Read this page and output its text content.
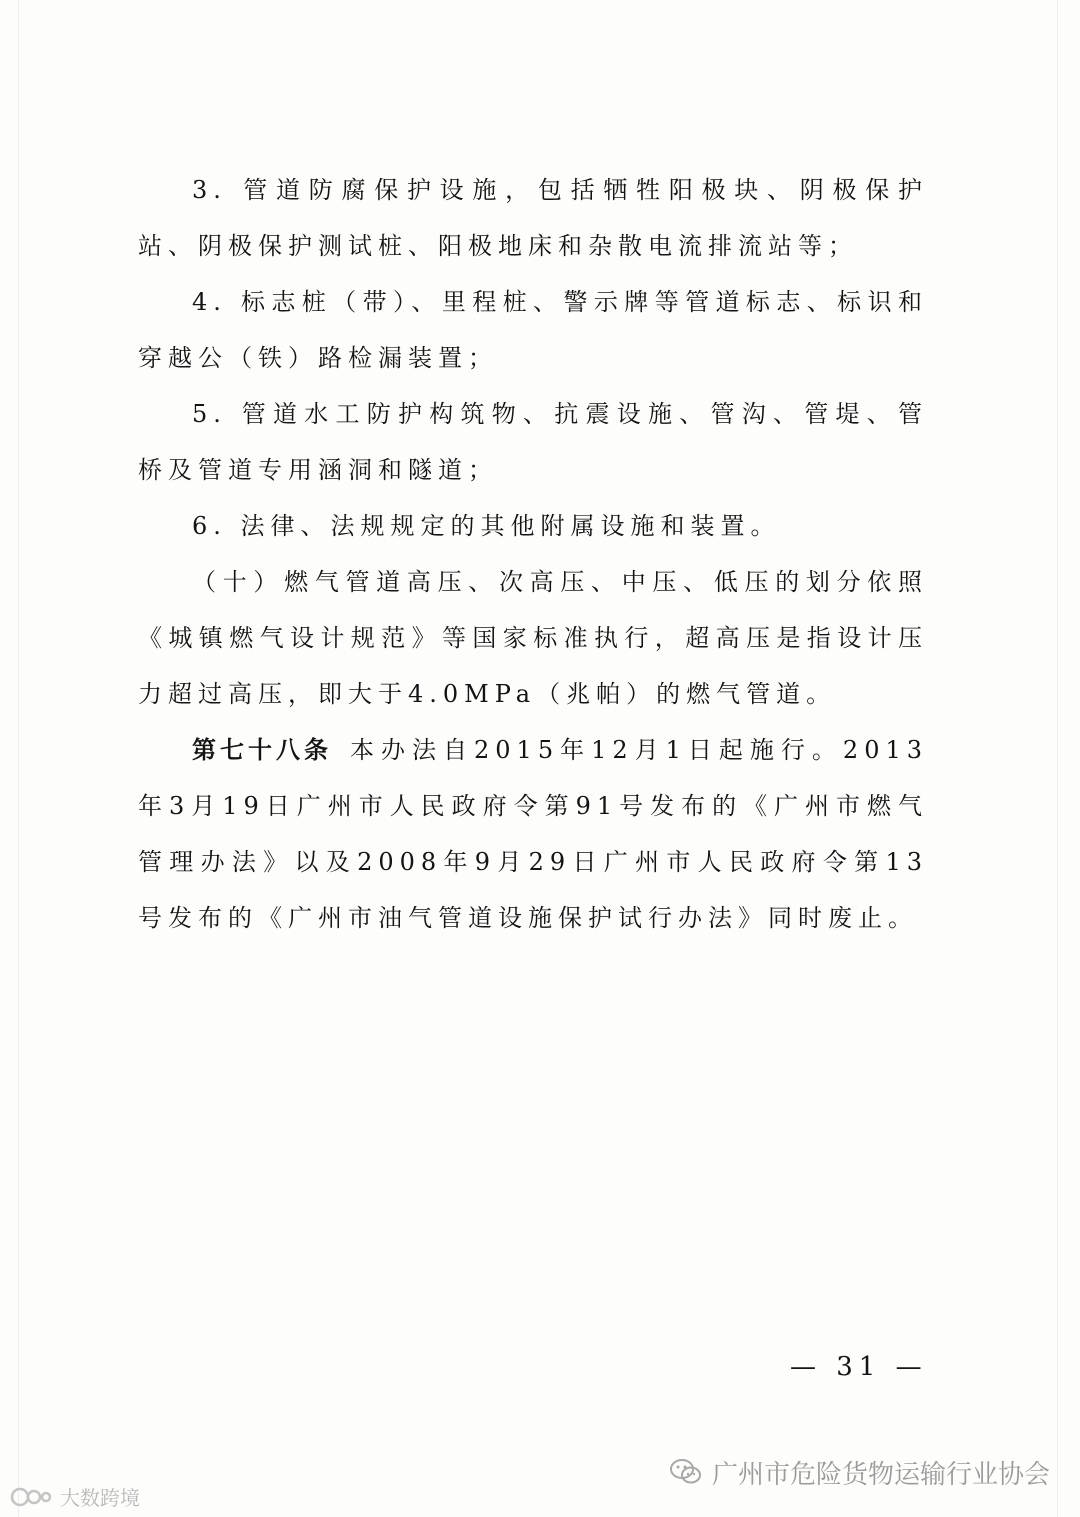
3. 管道防腐保护设施，包括牺牲阳极块、阴极保护站、阴极保护测试桩、阳极地床和杂散电流排流站等；

4. 标志桩（带）、里程桩、警示牌等管道标志、标识和穿越公（铁）路检漏装置；

5. 管道水工防护构筑物、抗震设施、管沟、管堤、管桥及管道专用涵洞和隧道；

6. 法律、法规规定的其他附属设施和装置。

（十）燃气管道高压、次高压、中压、低压的划分依照《城镇燃气设计规范》等国家标准执行，超高压是指设计压力超过高压，即大于4.0MPa（兆帕）的燃气管道。

第七十八条 本办法自2015年12月1日起施行。2013年3月19日广州市人民政府令第91号发布的《广州市燃气管理办法》以及2008年9月29日广州市人民政府令第13号发布的《广州市油气管道设施保护试行办法》同时废止。

— 31 —
广州市危险货物运输行业协会
大数跨境
